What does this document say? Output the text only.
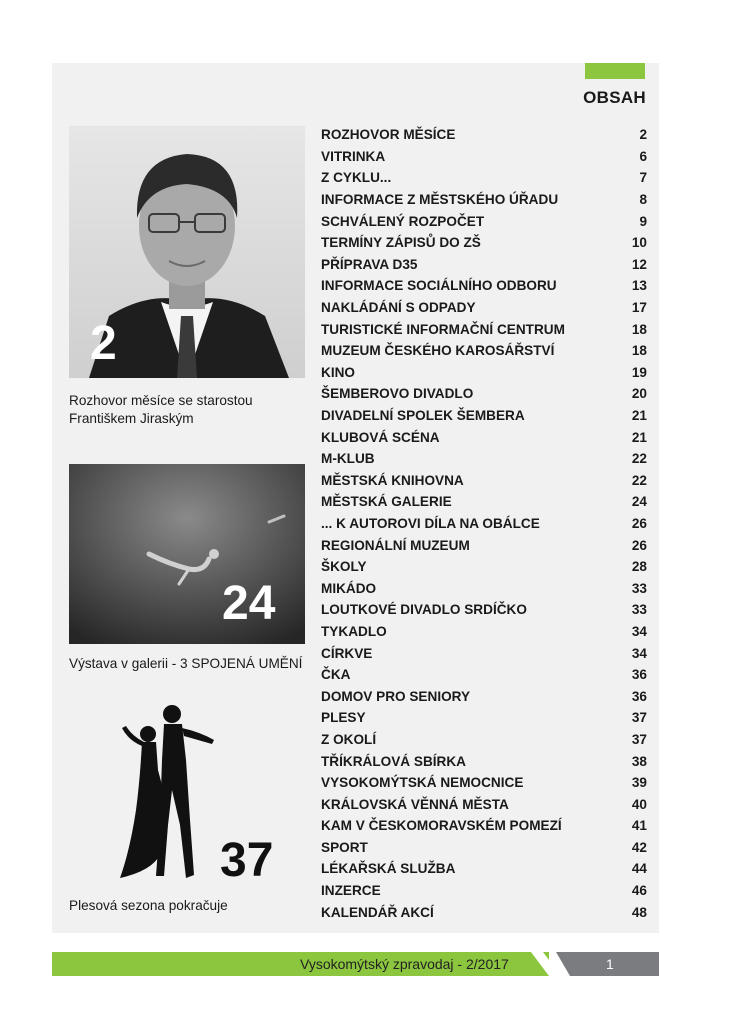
OBSAH
ROZHOVOR MĚSÍCE	2
VITRINKA	6
Z CYKLU...	7
INFORMACE Z MĚSTSKÉHO ÚŘADU	8
SCHVÁLENÝ ROZPOČET	9
TERMÍNY ZÁPISŮ DO ZŠ	10
PŘÍPRAVA D35	12
INFORMACE SOCIÁLNÍHO ODBORU	13
NAKLÁDÁNÍ S ODPADY	17
TURISTICKÉ INFORMAČNÍ CENTRUM	18
MUZEUM ČESKÉHO KAROSÁŘSTVÍ	18
KINO	19
ŠEMBEROVO DIVADLO	20
DIVADELNÍ SPOLEK ŠEMBERA	21
KLUBOVÁ SCÉNA	21
M-KLUB	22
MĚSTSKÁ KNIHOVNA	22
MĚSTSKÁ GALERIE	24
... K AUTOROVI DÍLA NA OBÁLCE	26
REGIONÁLNÍ MUZEUM	26
ŠKOLY	28
MIKÁDO	33
LOUTKOVÉ DIVADLO SRDÍČKO	33
TYKADLO	34
CÍRKVE	34
ČKA	36
DOMOV PRO SENIORY	36
PLESY	37
Z OKOLÍ	37
TŘÍKRÁLOVÁ SBÍRKA	38
VYSOKOMÝTSKÁ NEMOCNICE	39
KRÁLOVSKÁ VĚNNÁ MĚSTA	40
KAM V ČESKOMORAVSKÉM POMEZÍ	41
SPORT	42
LÉKAŘSKÁ SLUŽBA	44
INZERCE	46
KALENDÁŘ AKCÍ	48
2
Rozhovor měsíce se starostou
Františkem Jiraským
24
Výstava v galerii - 3 SPOJENÁ UMĚNÍ
37
Plesová sezona pokračuje
Vysokomýtský zpravodaj - 2/2017	1
